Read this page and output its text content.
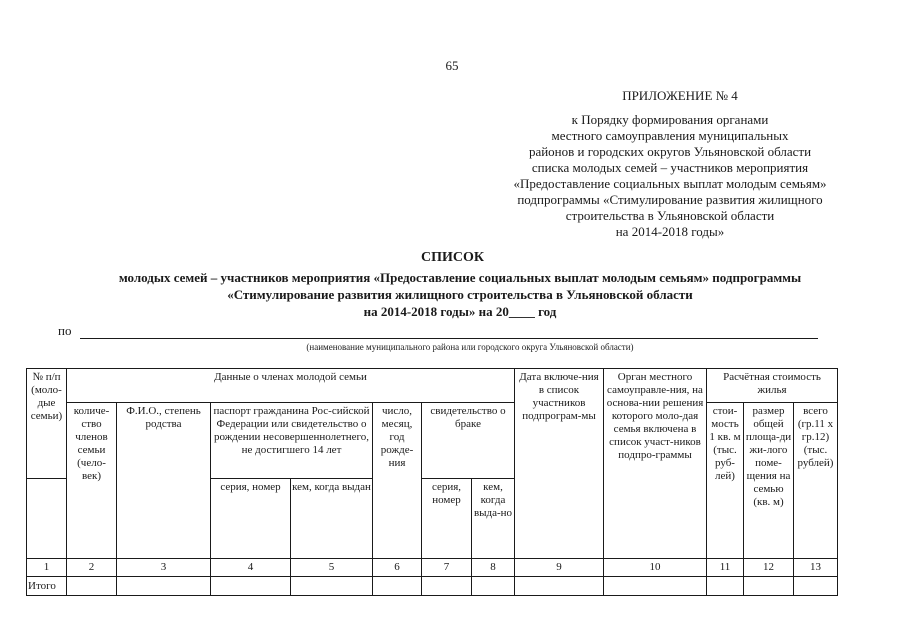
65
ПРИЛОЖЕНИЕ № 4
к Порядку формирования органами
местного самоуправления муниципальных
районов и городских округов Ульяновской области
списка молодых семей – участников мероприятия
«Предоставление социальных выплат молодым семьям»
подпрограммы «Стимулирование развития жилищного
строительства в Ульяновской области
на 2014-2018 годы»
СПИСОК
молодых семей – участников мероприятия «Предоставление социальных выплат молодым семьям» подпрограммы
«Стимулирование развития жилищного строительства в Ульяновской области
на 2014-2018 годы» на 20____ год
по
(наименование муниципального района или городского округа Ульяновской области)
№ п/п (моло-дые семьи)	Данные о членах молодой семьи							Дата включе-ния в список участников подпрограм-мы	Орган местного самоуправле-ния, на основа-нии решения которого моло-дая семья включена в список участ-ников подпро-граммы	Расчётная стоимость жилья		
	количе-ство членов семьи (чело-век)	Ф.И.О., степень родства	паспорт гражданина Рос-сийской Федерации или свидетельство о рождении несовершеннолетнего, не достигшего 14 лет		число, месяц, год рожде-ния	свидетельство о браке				стои-мость 1 кв. м (тыс. руб-лей)	размер общей площа-ди жи-лого поме-щения на семью (кв. м)	всего (гр.11 х гр.12) (тыс. рублей)
			серия, номер	кем, когда выдан		серия, номер	кем, когда выда-но					
1	2	3	4	5	6	7	8	9	10	11	12	13
Итого												
